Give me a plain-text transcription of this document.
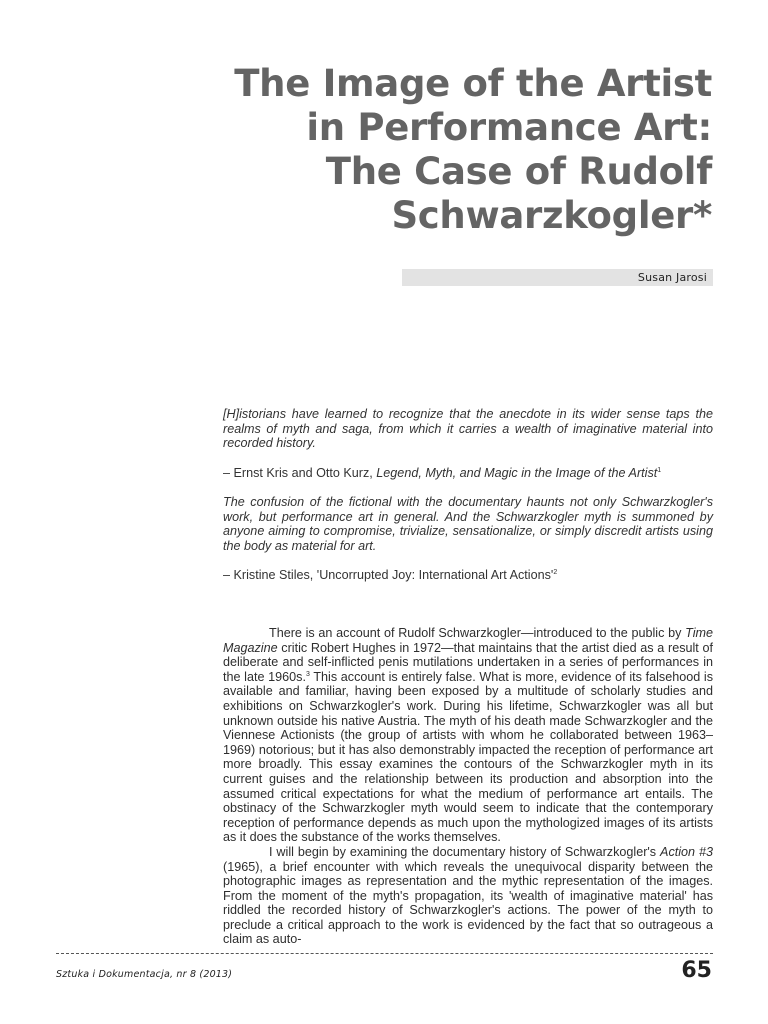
The Image of the Artist
in Performance Art:
The Case of Rudolf
Schwarzkogler*
Susan Jarosi
[H]istorians have learned to recognize that the anecdote in its wider sense taps the realms of myth and saga, from which it carries a wealth of imaginative material into recorded history.
– Ernst Kris and Otto Kurz, Legend, Myth, and Magic in the Image of the Artist$^1$
The confusion of the fictional with the documentary haunts not only Schwarzkogler's work, but performance art in general. And the Schwarzkogler myth is summoned by anyone aiming to compromise, trivialize, sensationalize, or simply discredit artists using the body as material for art.
– Kristine Stiles, 'Uncorrupted Joy: International Art $Actions'^2$

There is an account of Rudolf Schwarzkogler—introduced to the public by Time Magazine critic Robert Hughes in 1972—that maintains that the artist died as a result of deliberate and self-inflicted penis mutilations undertaken in a series of performances in the late 1960s.$^3$ This account is entirely false. What is more, evidence of its falsehood is available and familiar, having been exposed by a multitude of scholarly studies and exhibitions on Schwarzkogler's work. During his lifetime, Schwarzkogler was all but unknown outside his native Austria. The myth of his death made Schwarzkogler and the Viennese Actionists (the group of artists with whom he collaborated between 1963–1969) notorious; but it has also demonstrably impacted the reception of performance art more broadly. This essay examines the contours of the Schwarzkogler myth in its current guises and the relationship between its production and absorption into the assumed critical expectations for what the medium of performance art entails. The obstinacy of the Schwarzkogler myth would seem to indicate that the contemporary reception of performance depends as much upon the mythologized images of its artists as it does the substance of the works themselves.

I will begin by examining the documentary history of Schwarzkogler's Action #3 (1965), a brief encounter with which reveals the unequivocal disparity between the photographic images as representation and the mythic representation of the images. From the moment of the myth's propagation, its 'wealth of imaginative material' has riddled the recorded history of Schwarzkogler's actions. The power of the myth to preclude a critical approach to the work is evidenced by the fact that so outrageous a claim as auto-

Sztuka i Dokumentacja, nr 8 (2013)	65
